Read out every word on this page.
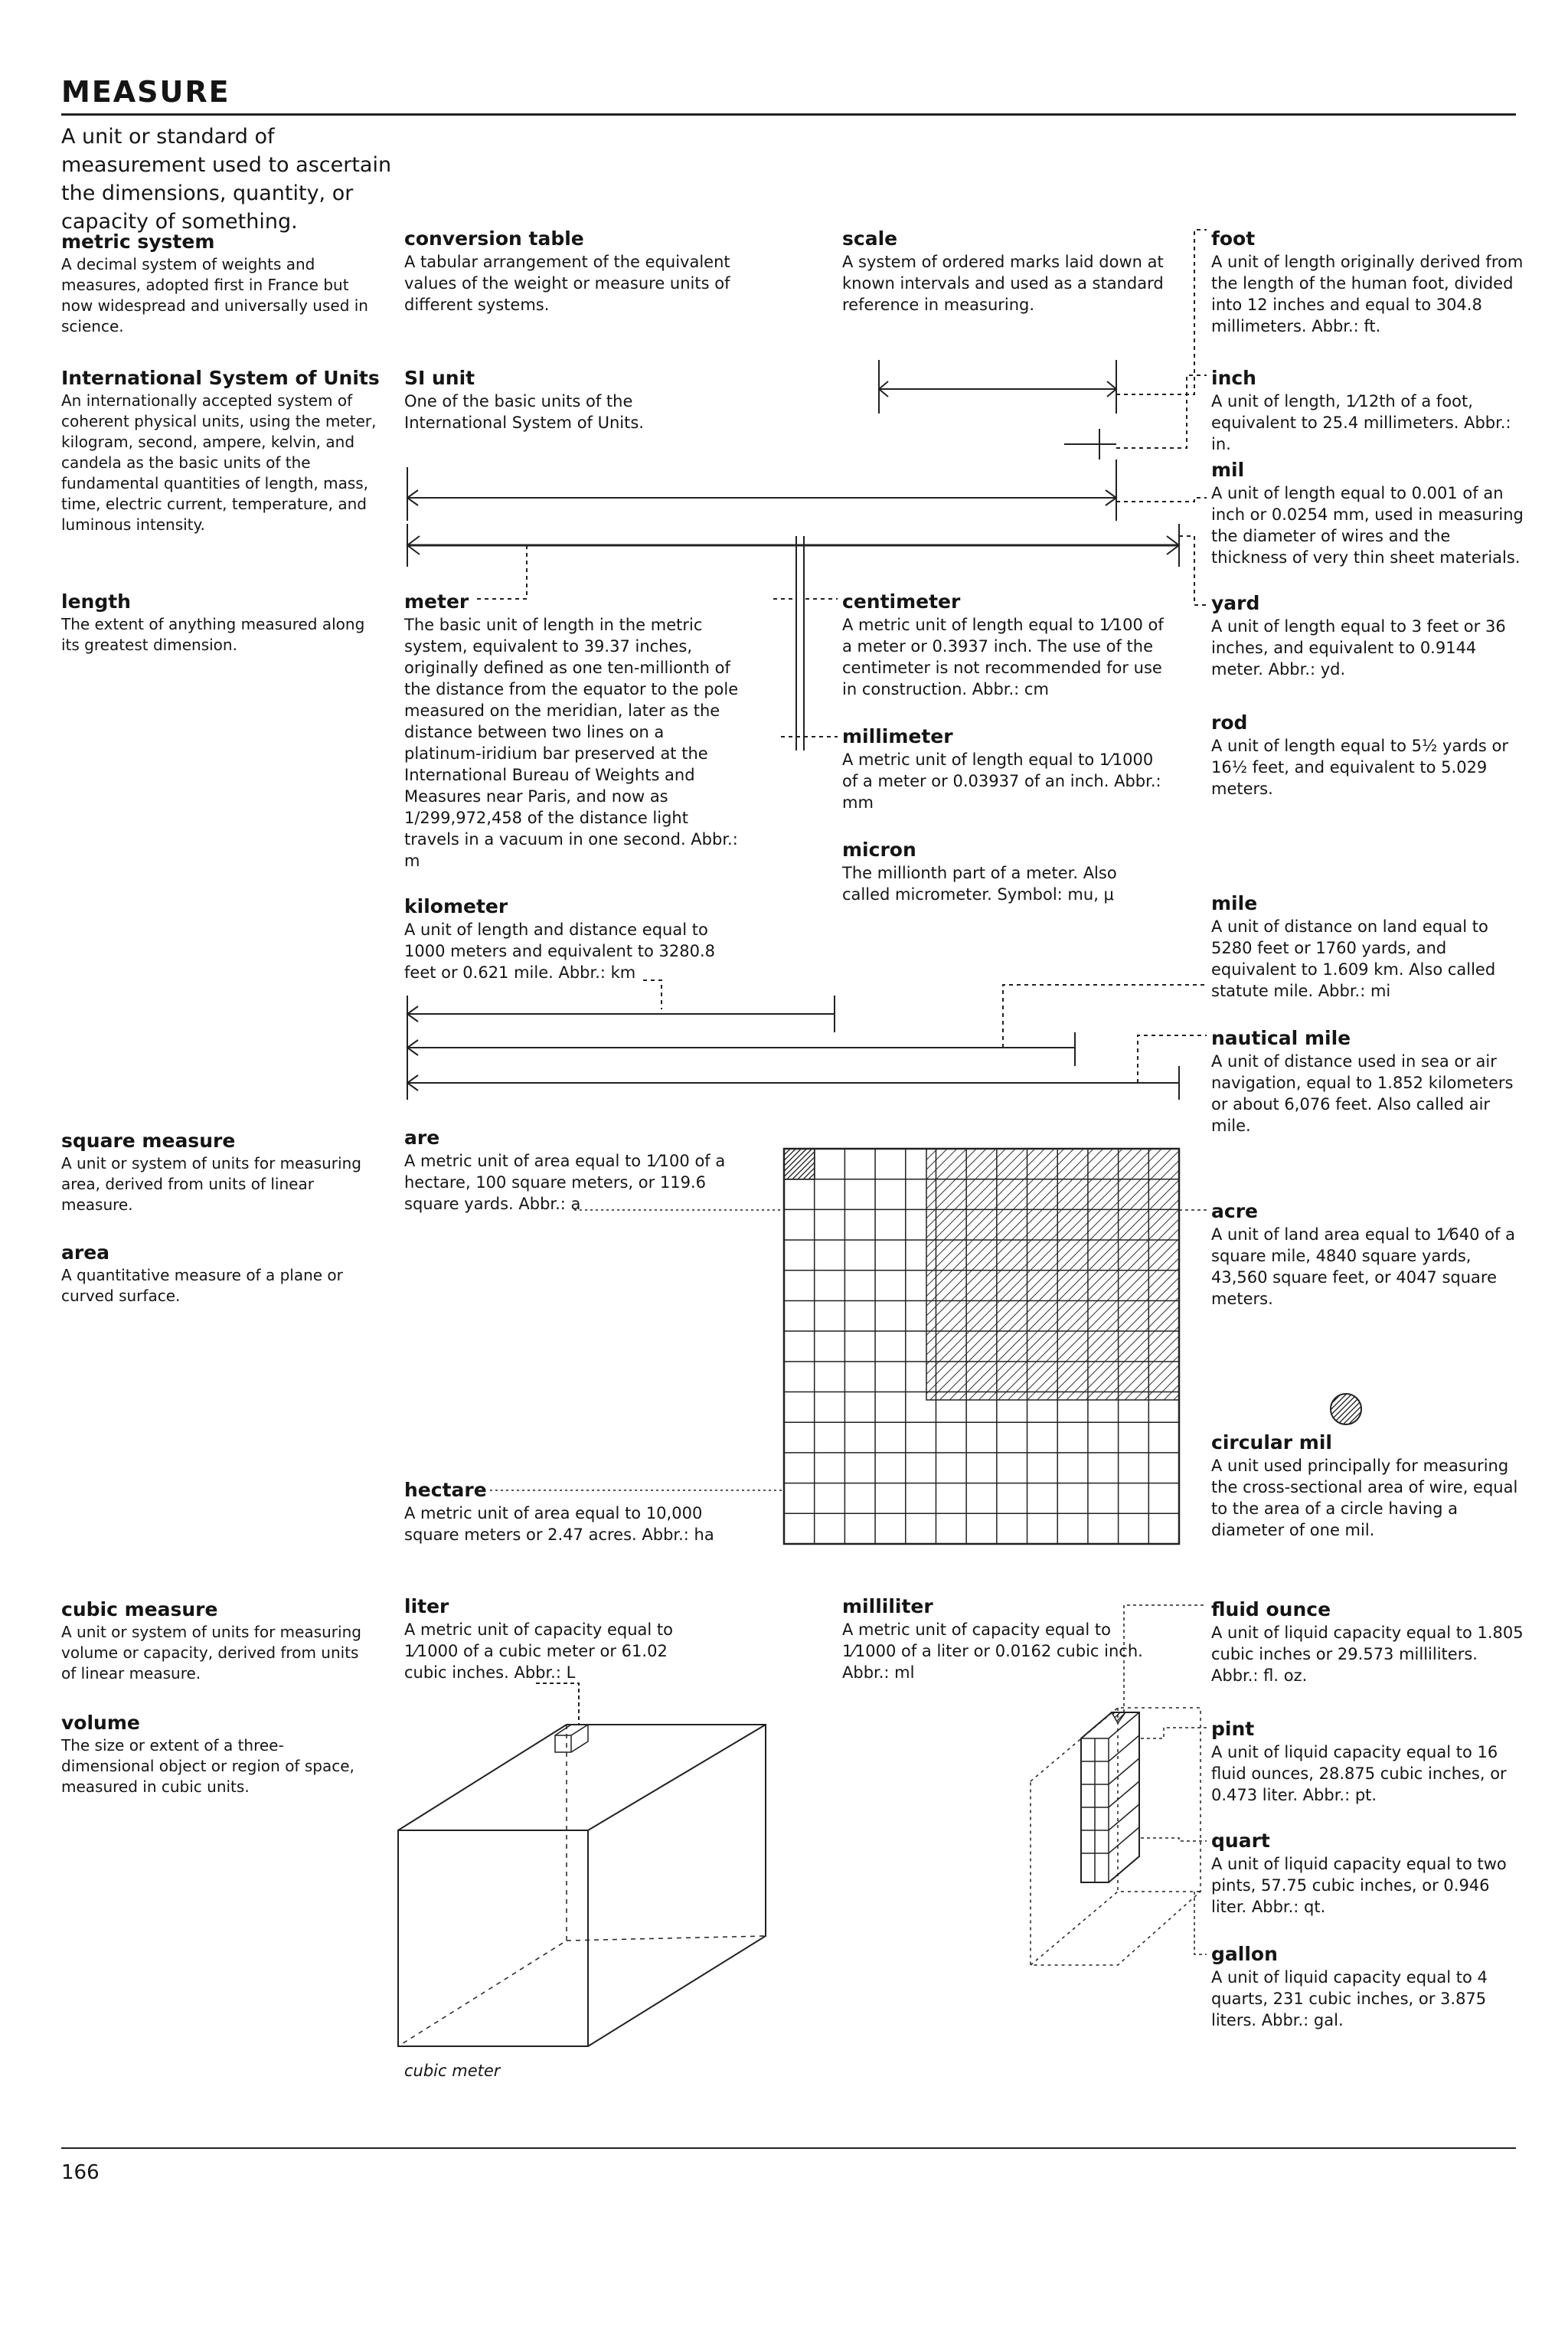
MEASURE
A unit or standard of measurement used to ascertain the dimensions, quantity, or capacity of something.
metric system
A decimal system of weights and measures, adopted first in France but now widespread and universally used in science.
International System of Units
An internationally accepted system of coherent physical units, using the meter, kilogram, second, ampere, kelvin, and candela as the basic units of the fundamental quantities of length, mass, time, electric current, temperature, and luminous intensity.
length
The extent of anything measured along its greatest dimension.
conversion table
A tabular arrangement of the equivalent values of the weight or measure units of different systems.
SI unit
One of the basic units of the International System of Units.
meter
The basic unit of length in the metric system, equivalent to 39.37 inches, originally defined as one ten-millionth of the distance from the equator to the pole measured on the meridian, later as the distance between two lines on a platinum-iridium bar preserved at the International Bureau of Weights and Measures near Paris, and now as 1/299,972,458 of the distance light travels in a vacuum in one second. Abbr.: m
kilometer
A unit of length and distance equal to 1000 meters and equivalent to 3280.8 feet or 0.621 mile. Abbr.: km
scale
A system of ordered marks laid down at known intervals and used as a standard reference in measuring.
centimeter
A metric unit of length equal to 1⁄100 of a meter or 0.3937 inch. The use of the centimeter is not recommended for use in construction. Abbr.: cm
millimeter
A metric unit of length equal to 1⁄1000 of a meter or 0.03937 of an inch. Abbr.: mm
micron
The millionth part of a meter. Also called micrometer. Symbol: mu, μ
foot
A unit of length originally derived from the length of the human foot, divided into 12 inches and equal to 304.8 millimeters. Abbr.: ft.
inch
A unit of length, 1⁄12th of a foot, equivalent to 25.4 millimeters. Abbr.: in.
mil
A unit of length equal to 0.001 of an inch or 0.0254 mm, used in measuring the diameter of wires and the thickness of very thin sheet materials.
yard
A unit of length equal to 3 feet or 36 inches, and equivalent to 0.9144 meter. Abbr.: yd.
rod
A unit of length equal to 5½ yards or 16½ feet, and equivalent to 5.029 meters.
mile
A unit of distance on land equal to 5280 feet or 1760 yards, and equivalent to 1.609 km. Also called statute mile. Abbr.: mi
nautical mile
A unit of distance used in sea or air navigation, equal to 1.852 kilometers or about 6,076 feet. Also called air mile.
square measure
A unit or system of units for measuring area, derived from units of linear measure.
area
A quantitative measure of a plane or curved surface.
are
A metric unit of area equal to 1⁄100 of a hectare, 100 square meters, or 119.6 square yards. Abbr.: a
hectare
A metric unit of area equal to 10,000 square meters or 2.47 acres. Abbr.: ha
acre
A unit of land area equal to 1⁄640 of a square mile, 4840 square yards, 43,560 square feet, or 4047 square meters.
circular mil
A unit used principally for measuring the cross-sectional area of wire, equal to the area of a circle having a diameter of one mil.
cubic measure
A unit or system of units for measuring volume or capacity, derived from units of linear measure.
volume
The size or extent of a three-dimensional object or region of space, measured in cubic units.
liter
A metric unit of capacity equal to 1⁄1000 of a cubic meter or 61.02 cubic inches. Abbr.: L
milliliter
A metric unit of capacity equal to 1⁄1000 of a liter or 0.0162 cubic inch. Abbr.: ml
fluid ounce
A unit of liquid capacity equal to 1.805 cubic inches or 29.573 milliliters. Abbr.: fl. oz.
pint
A unit of liquid capacity equal to 16 fluid ounces, 28.875 cubic inches, or 0.473 liter. Abbr.: pt.
quart
A unit of liquid capacity equal to two pints, 57.75 cubic inches, or 0.946 liter. Abbr.: qt.
gallon
A unit of liquid capacity equal to 4 quarts, 231 cubic inches, or 3.875 liters. Abbr.: gal.
cubic meter
166
